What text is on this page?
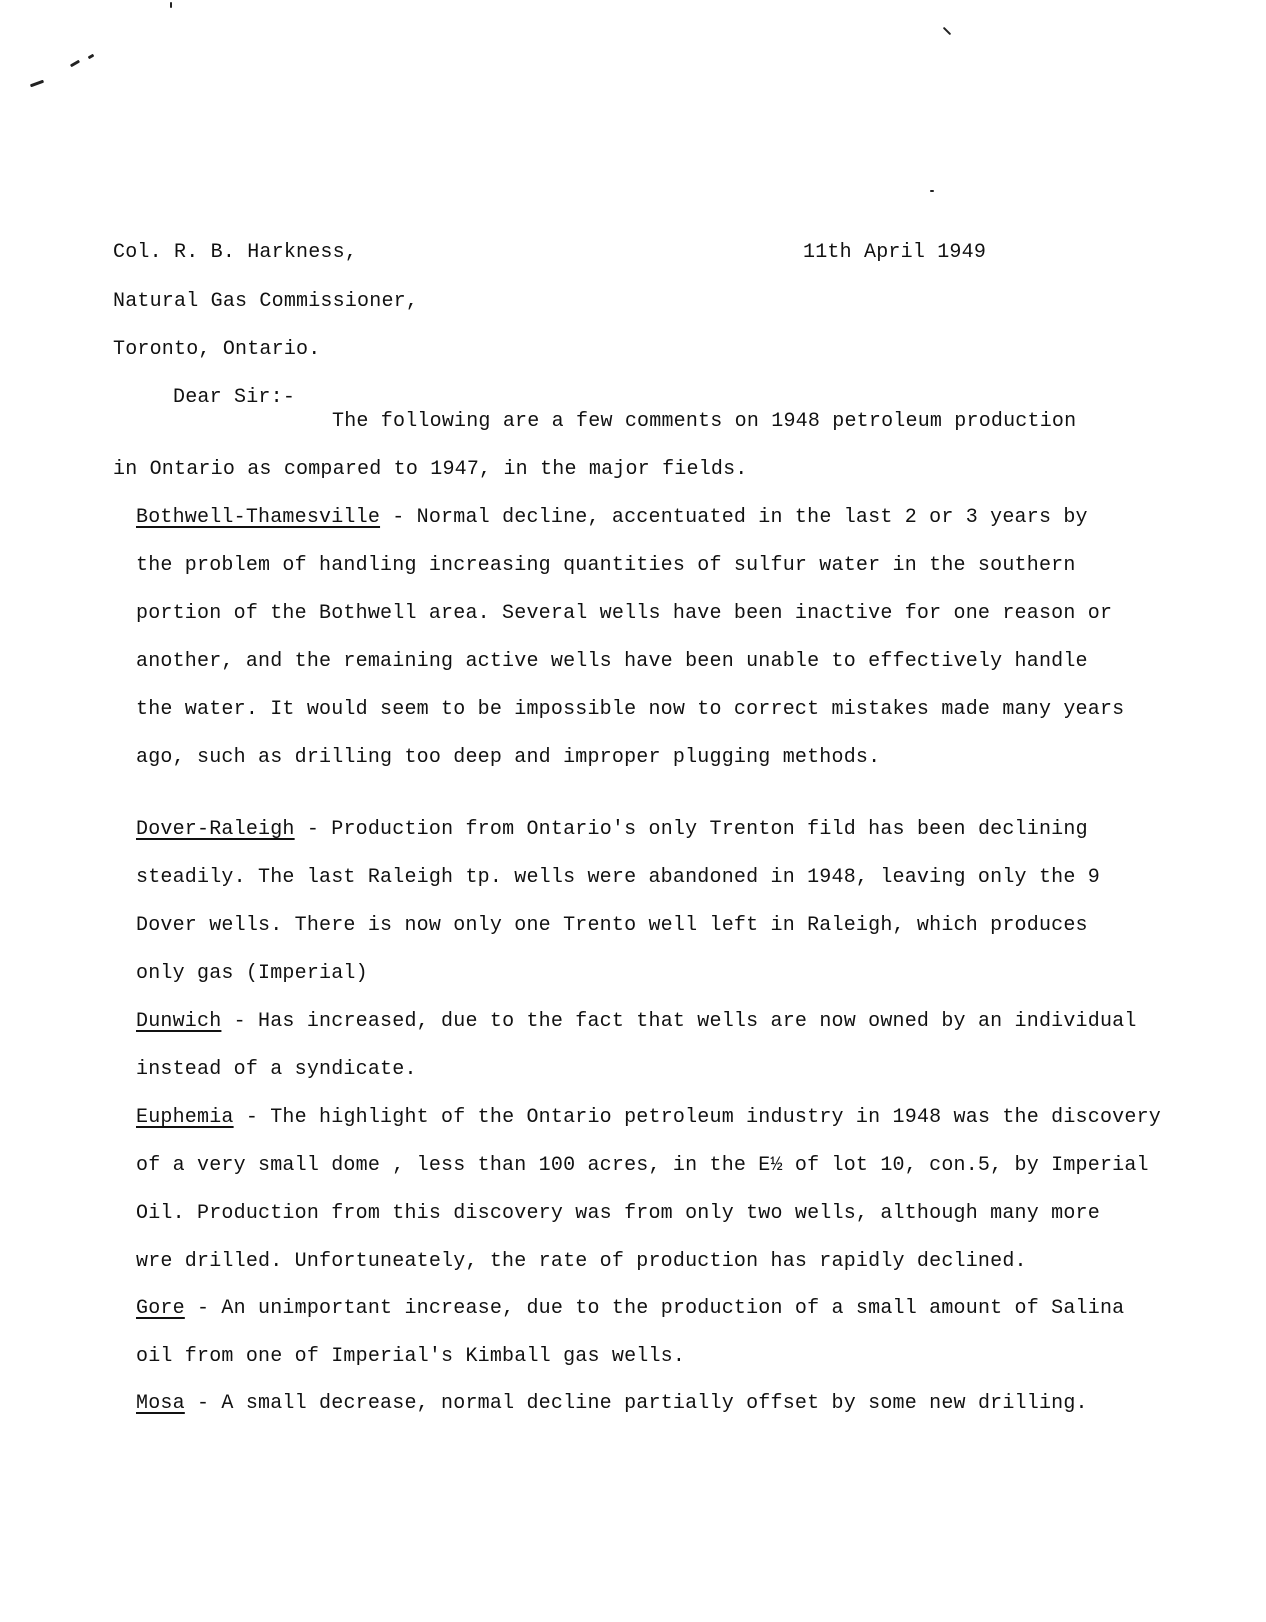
Col. R. B. Harkness,	11th April 1949
Natural Gas Commissioner,
Toronto, Ontario.
Dear Sir:-
The following are a few comments on 1948 petroleum production
in Ontario as compared to 1947, in the major fields.
Bothwell-Thamesville - Normal decline, accentuated in the last 2 or 3 years by
the problem of handling increasing quantities of sulfur water in the southern
portion of the Bothwell area. Several wells have been inactive for one reason or
another, and the remaining active wells have been unable to effectively handle
the water. It would seem to be impossible now to correct mistakes made many years
ago, such as drilling too deep and improper plugging methods.
Dover-Raleigh - Production from Ontario's only Trenton fild has been declining
steadily. The last Raleigh tp. wells were abandoned in 1948, leaving only the 9
Dover wells. There is now only one Trento well left in Raleigh, which produces
only gas (Imperial)
Dunwich - Has increased, due to the fact that wells are now owned by an individual
instead of a syndicate.
Euphemia - The highlight of the Ontario petroleum industry in 1948 was the discovery
of a very small dome , less than 100 acres, in the E½ of lot 10, con.5, by Imperial
Oil. Production from this discovery was from only two wells, although many more
wre drilled. Unfortuneately, the rate of production has rapidly declined.
Gore - An unimportant increase, due to the production of a small amount of Salina
oil from one of Imperial's Kimball gas wells.
Mosa - A small decrease, normal decline partially offset by some new drilling.
